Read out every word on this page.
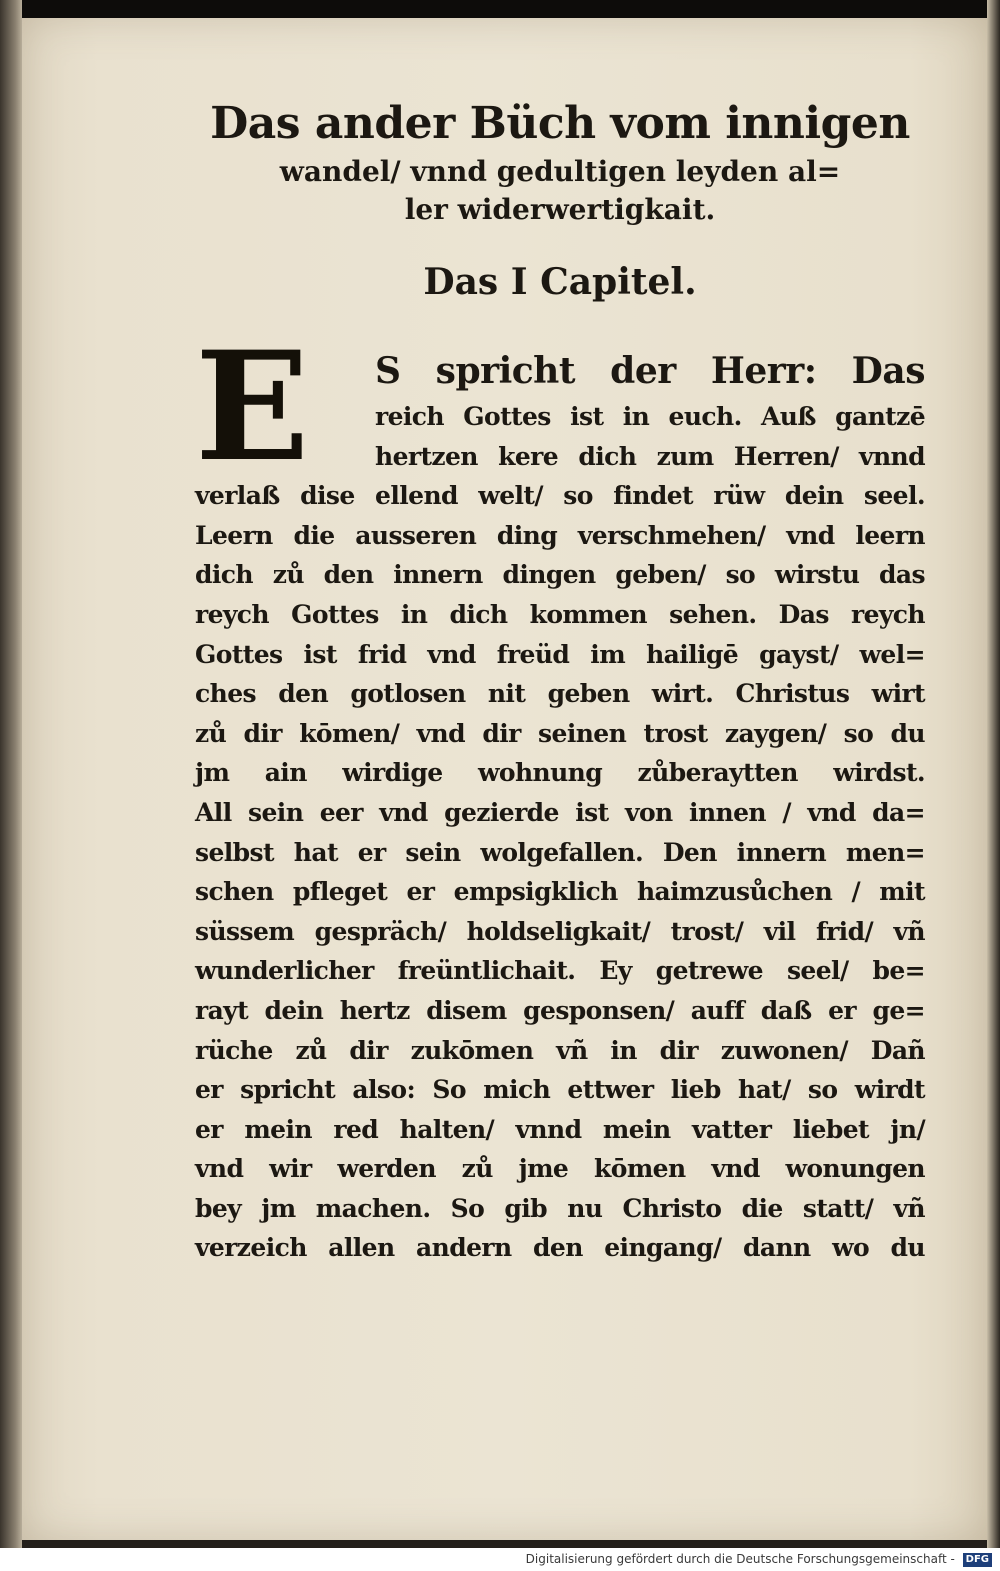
Das ander Büch vom innigen
wandel/ vnnd gedultigen leyden al=
ler widerwertigkait.
Das I Capitel.
E	S spricht der Herr: Das
reich Gottes ist in euch. Auß gantzē
hertzen kere dich zum Herren/ vnnd
verlaß dise ellend welt/ so findet rüw dein seel.
Leern die ausseren ding verschmehen/ vnd leern
dich zů den innern dingen geben/ so wirstu das
reych Gottes in dich kommen sehen. Das reych
Gottes ist frid vnd freüd im hailigē gayst/ wel=
ches den gotlosen nit geben wirt. Christus wirt
zů dir kōmen/ vnd dir seinen trost zaygen/ so du
jm ain wirdige wohnung zůberaytten wirdst.
All sein eer vnd gezierde ist von innen / vnd da=
selbst hat er sein wolgefallen. Den innern men=
schen pfleget er empsigklich haimzusůchen / mit
süssem gespräch/ holdseligkait/ trost/ vil frid/ vñ
wunderlicher freüntlichait. Ey getrewe seel/ be=
rayt dein hertz disem gesponsen/ auff daß er ge=
rüche zů dir zukōmen vñ in dir zuwonen/ Dañ
er spricht also: So mich ettwer lieb hat/ so wirdt
er mein red halten/ vnnd mein vatter liebet jn/
vnd wir werden zů jme kōmen vnd wonungen
bey jm machen. So gib nu Christo die statt/ vñ
verzeich allen andern den eingang/ dann wo du
Digitalisierung gefördert durch die Deutsche Forschungsgemeinschaft - DFG
